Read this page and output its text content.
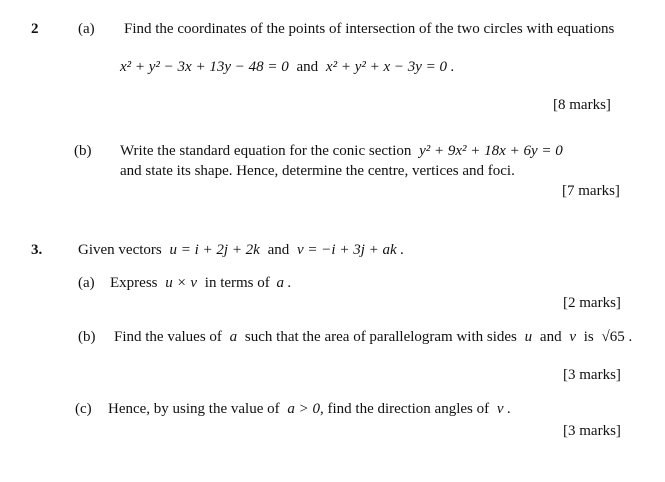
2	(a) Find the coordinates of the points of intersection of the two circles with equations
x² + y² − 3x + 13y − 48 = 0 and x² + y² + x − 3y = 0 .
[8 marks]
(b) Write the standard equation for the conic section y² + 9x² + 18x + 6y = 0
and state its shape. Hence, determine the centre, vertices and foci.
[7 marks]
3. Given vectors u = i + 2j + 2k and v = −i + 3j + ak .
(a) Express u × v in terms of a .
[2 marks]
(b) Find the values of a such that the area of parallelogram with sides u and v is √65 .
[3 marks]
(c) Hence, by using the value of a > 0, find the direction angles of v .
[3 marks]
